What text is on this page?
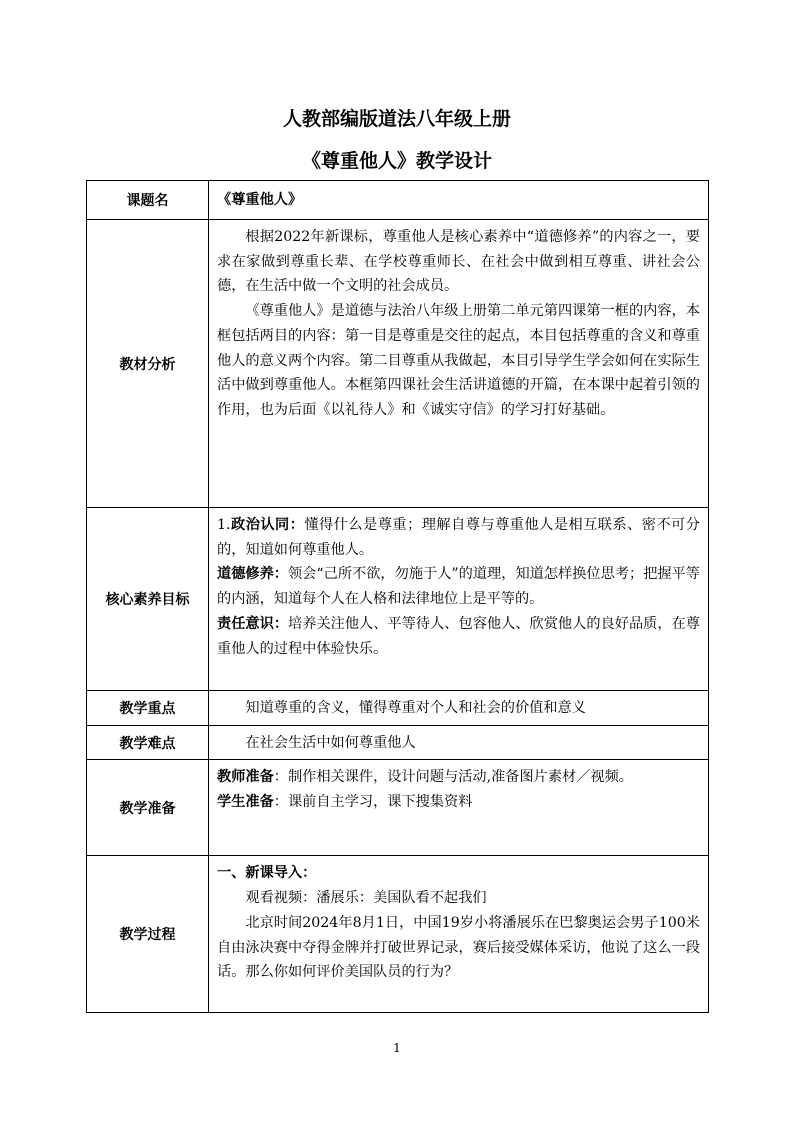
人教部编版道法八年级上册
《尊重他人》教学设计
课题名	《尊重他人》
教材分析	根据2022年新课标，尊重他人是核心素养中“道德修养”的内容之一，要求在家做到尊重长辈、在学校尊重师长、在社会中做到相互尊重、讲社会公德，在生活中做一个文明的社会成员。

《尊重他人》是道德与法治八年级上册第二单元第四课第一框的内容，本框包括两目的内容：第一目是尊重是交往的起点，本目包括尊重的含义和尊重他人的意义两个内容。第二目尊重从我做起，本目引导学生学会如何在实际生活中做到尊重他人。本框第四课社会生活讲道德的开篇，在本课中起着引领的作用，也为后面《以礼待人》和《诚实守信》的学习打好基础。

核心素养目标	1.政治认同：懂得什么是尊重；理解自尊与尊重他人是相互联系、密不可分的，知道如何尊重他人。

道德修养：领会“己所不欲，勿施于人”的道理，知道怎样换位思考；把握平等的内涵，知道每个人在人格和法律地位上是平等的。

责任意识：培养关注他人、平等待人、包容他人、欣赏他人的良好品质，在尊重他人的过程中体验快乐。

教学重点	知道尊重的含义，懂得尊重对个人和社会的价值和意义

教学难点	在社会生活中如何尊重他人

教学准备	教师准备：制作相关课件，设计问题与活动,准备图片素材／视频。

学生准备：课前自主学习，课下搜集资料

教学过程	一、新课导入：

观看视频：潘展乐：美国队看不起我们

北京时间2024年8月1日，中国19岁小将潘展乐在巴黎奥运会男子100米自由泳决赛中夺得金牌并打破世界记录，赛后接受媒体采访，他说了这么一段话。那么你如何评价美国队员的行为？

1
